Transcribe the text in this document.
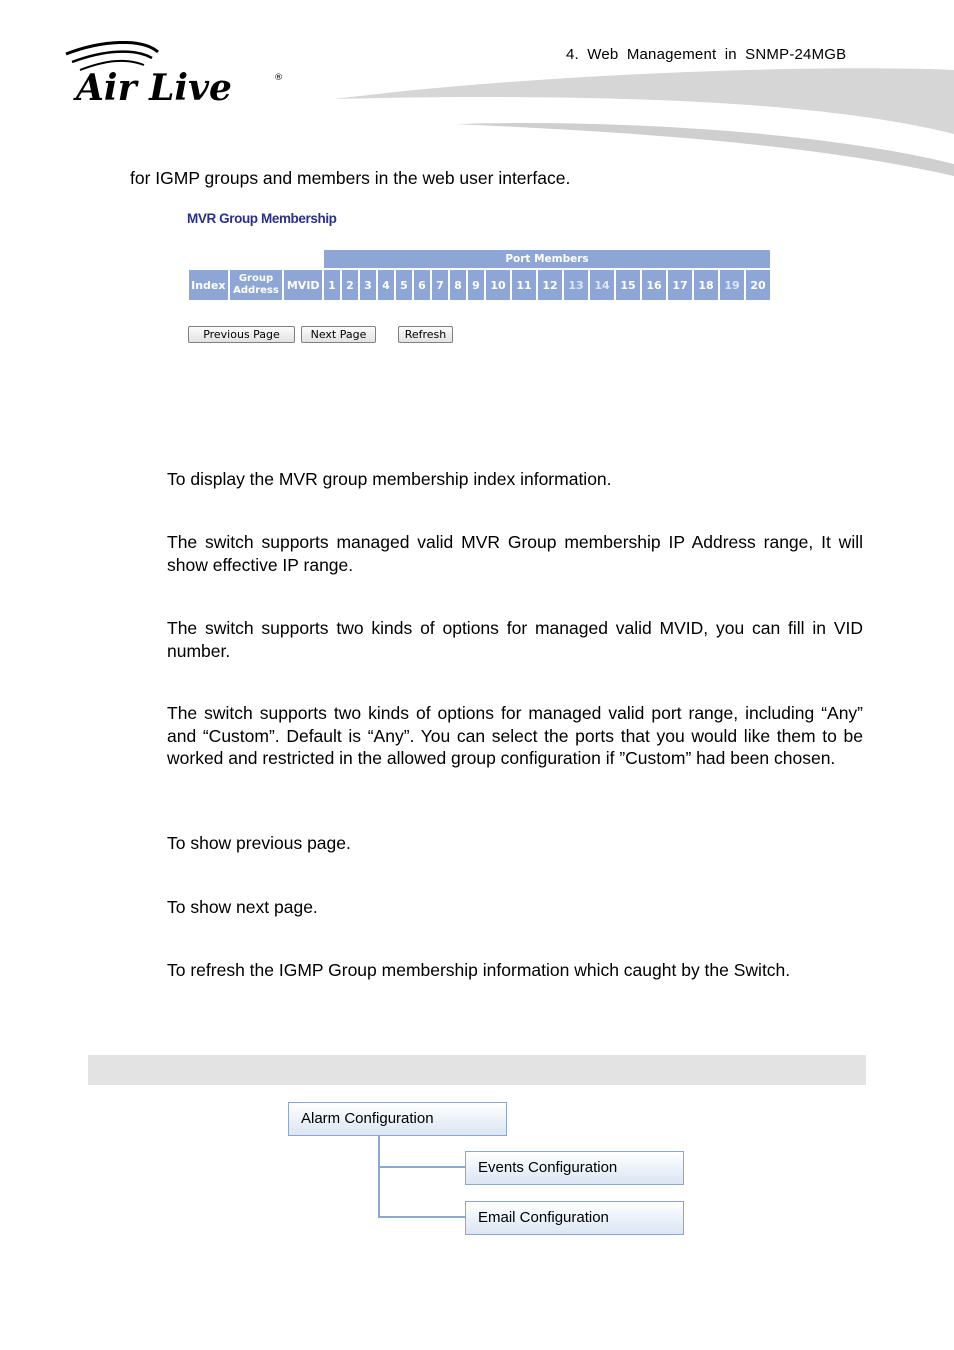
Air Live	®
4. Web Management in SNMP-24MGB
for IGMP groups and members in the web user interface.
MVR Group Membership
			Port Members																			
Index	Group Address	MVID	1	2	3	4	5	6	7	8	9	10	11	12	13	14	15	16	17	18	19	20
Previous Page	Next Page	Refresh

To display the MVR group membership index information.

The switch supports managed valid MVR Group membership IP Address range, It will show effective IP range.

The switch supports two kinds of options for managed valid MVID, you can fill in VID number.

The switch supports two kinds of options for managed valid port range, including “Any” and “Custom”. Default is “Any”. You can select the ports that you would like them to be worked and restricted in the allowed group configuration if ”Custom” had been chosen.

To show previous page.

To show next page.

To refresh the IGMP Group membership information which caught by the Switch.

Alarm Configuration
Events Configuration
Email Configuration
